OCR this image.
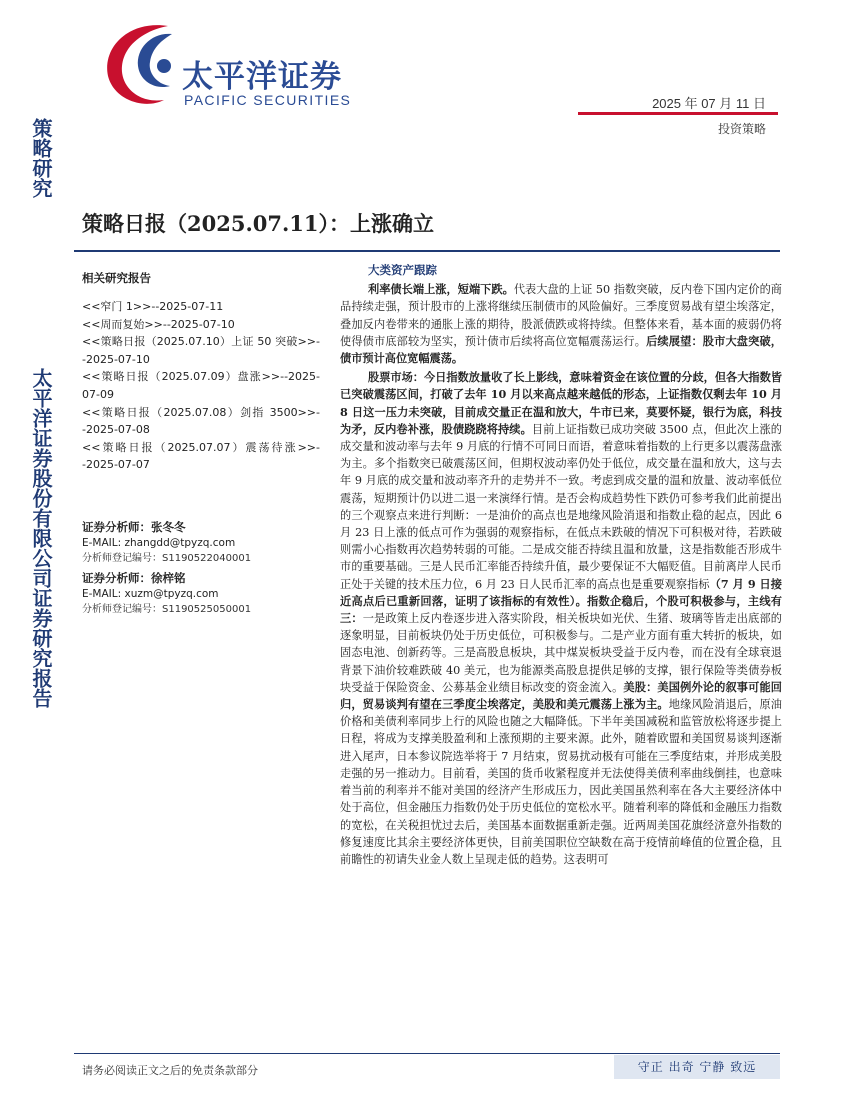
策略研究
太平洋证券股份有限公司证券研究报告
太平洋证券
PACIFIC SECURITIES	2025 年 07 月 11 日
投资策略
策略日报（2025.07.11）：上涨确立
相关研究报告
<<窄门 1>>--2025-07-11
<<周而复始>>--2025-07-10
<<策略日报（2025.07.10）上证 50 突破>>--2025-07-10
<<策略日报（2025.07.09）盘涨>>--2025-07-09
<<策略日报（2025.07.08）剑指 3500>>--2025-07-08
<<策略日报（2025.07.07）震荡待涨>>--2025-07-07
证券分析师：张冬冬
E-MAIL: zhangdd@tpyzq.com
分析师登记编号：S1190522040001
证券分析师：徐梓铭
E-MAIL: xuzm@tpyzq.com
分析师登记编号：S1190525050001
大类资产跟踪

利率债长端上涨，短端下跌。代表大盘的上证 50 指数突破，反内卷下国内定价的商品持续走强，预计股市的上涨将继续压制债市的风险偏好。三季度贸易战有望尘埃落定，叠加反内卷带来的通胀上涨的期待，股派债跌或将持续。但整体来看，基本面的疲弱仍将使得债市底部较为坚实，预计债市后续将高位宽幅震荡运行。后续展望：股市大盘突破，债市预计高位宽幅震荡。

股票市场：今日指数放量收了长上影线，意味着资金在该位置的分歧，但各大指数皆已突破震荡区间，打破了去年 10 月以来高点越来越低的形态，上证指数仅剩去年 10 月 8 日这一压力未突破，目前成交量正在温和放大，牛市已来，莫要怀疑，银行为底，科技为矛，反内卷补涨，股债跷跷将持续。目前上证指数已成功突破 3500 点，但此次上涨的成交量和波动率与去年 9 月底的行情不可同日而语，着意味着指数的上行更多以震荡盘涨为主。多个指数突已破震荡区间，但期权波动率仍处于低位，成交量在温和放大，这与去年 9 月底的成交量和波动率齐升的走势并不一致。考虑到成交量的温和放量、波动率低位震荡，短期预计仍以进二退一来演绎行情。是否会构成趋势性下跌仍可参考我们此前提出的三个观察点来进行判断：一是油价的高点也是地缘风险消退和指数止稳的起点，因此 6 月 23 日上涨的低点可作为强弱的观察指标，在低点未跌破的情况下可积极对待，若跌破则需小心指数再次趋势转弱的可能。二是成交能否持续且温和放量，这是指数能否形成牛市的重要基础。三是人民币汇率能否持续升值，最少要保证不大幅贬值。目前离岸人民币正处于关键的技术压力位，6 月 23 日人民币汇率的高点也是重要观察指标（7 月 9 日接近高点后已重新回落，证明了该指标的有效性）。指数企稳后，个股可积极参与，主线有三：一是政策上反内卷逐步进入落实阶段，相关板块如光伏、生猪、玻璃等皆走出底部的逐象明显，目前板块仍处于历史低位，可积极参与。二是产业方面有重大转折的板块，如固态电池、创新药等。三是高股息板块，其中煤炭板块受益于反内卷，而在没有全球衰退背景下油价较难跌破 40 美元，也为能源类高股息提供足够的支撑，银行保险等类债券板块受益于保险资金、公募基金业绩目标改变的资金流入。美股：美国例外论的叙事可能回归，贸易谈判有望在三季度尘埃落定，美股和美元震荡上涨为主。地缘风险消退后，原油价格和美债利率同步上行的风险也随之大幅降低。下半年美国减税和监管放松将逐步提上日程，将成为支撑美股盈利和上涨预期的主要来源。此外，随着欧盟和美国贸易谈判逐渐进入尾声，日本参议院选举将于 7 月结束，贸易扰动极有可能在三季度结束，并形成美股走强的另一推动力。目前看，美国的货币收紧程度并无法使得美债利率曲线倒挂，也意味着当前的利率并不能对美国的经济产生形成压力，因此美国虽然利率在各大主要经济体中处于高位，但金融压力指数仍处于历史低位的宽松水平。随着利率的降低和金融压力指数的宽松，在关税担忧过去后，美国基本面数据重新走强。近两周美国花旗经济意外指数的修复速度比其余主要经济体更快，目前美国职位空缺数在高于疫情前峰值的位置企稳，且前瞻性的初请失业金人数上呈现走低的趋势。这表明可

请务必阅读正文之后的免责条款部分	守正 出奇 宁静 致远
